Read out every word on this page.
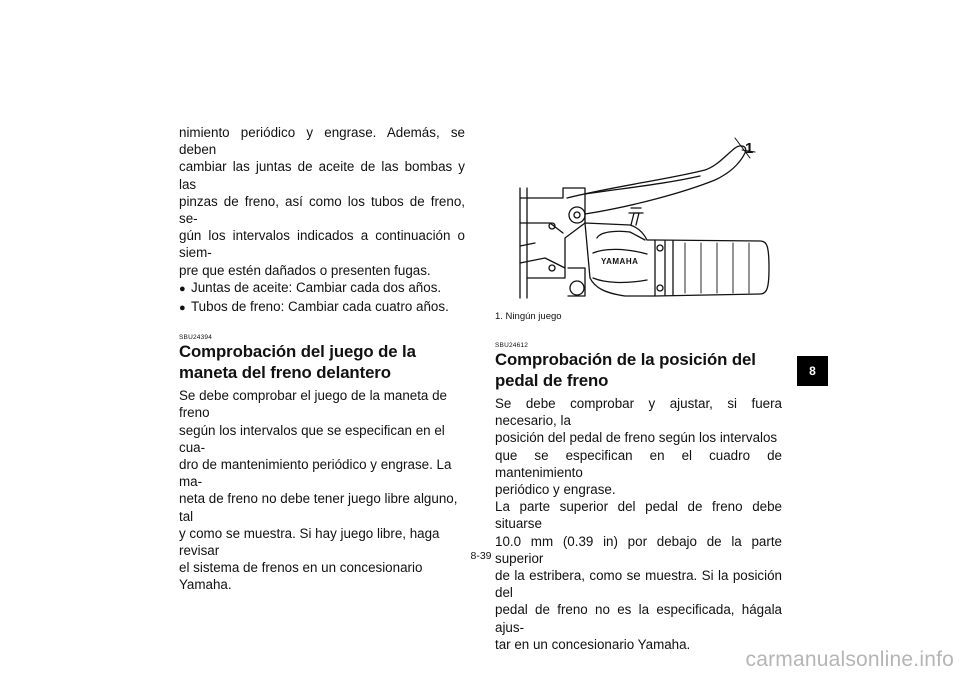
nimiento periódico y engrase. Además, se deben
cambiar las juntas de aceite de las bombas y las
pinzas de freno, así como los tubos de freno, se-
gún los intervalos indicados a continuación o siem-
pre que estén dañados o presenten fugas.
● Juntas de aceite: Cambiar cada dos años.
● Tubos de freno: Cambiar cada cuatro años.
SBU24394
Comprobación del juego de la maneta del freno delantero
Se debe comprobar el juego de la maneta de freno
según los intervalos que se especifican en el cua-
dro de mantenimiento periódico y engrase. La ma-
neta de freno no debe tener juego libre alguno, tal
y como se muestra. Si hay juego libre, haga revisar
el sistema de frenos en un concesionario Yamaha.
YAMAHA
1
1. Ningún juego
SBU24612
Comprobación de la posición del pedal de freno
Se debe comprobar y ajustar, si fuera necesario, la
posición del pedal de freno según los intervalos
que se especifican en el cuadro de mantenimiento
periódico y engrase.
La parte superior del pedal de freno debe situarse
10.0 mm (0.39 in) por debajo de la parte superior
de la estribera, como se muestra. Si la posición del
pedal de freno no es la especificada, hágala ajus-
tar en un concesionario Yamaha.
8-39
8
carmanualsonline.info
